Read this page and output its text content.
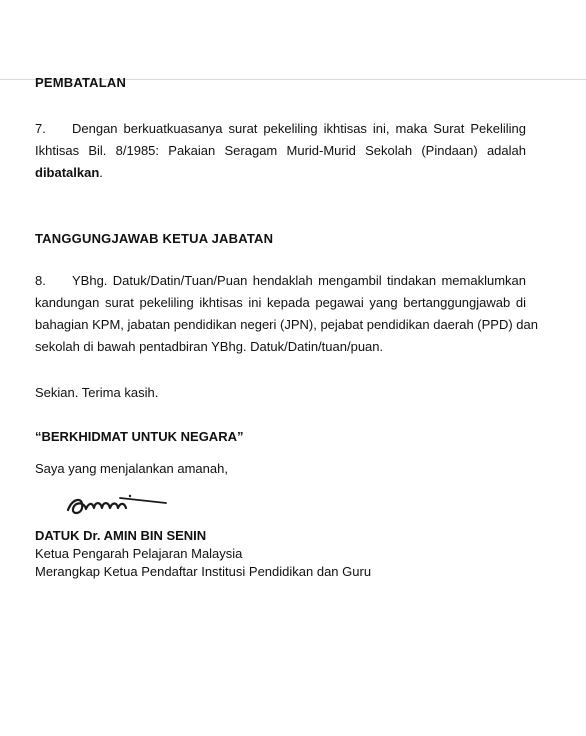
PEMBATALAN
7. Dengan berkuatkuasanya surat pekeliling ikhtisas ini, maka Surat Pekeliling
Ikhtisas Bil. 8/1985: Pakaian Seragam Murid-Murid Sekolah (Pindaan) adalah
dibatalkan.
TANGGUNGJAWAB KETUA JABATAN
8. YBhg. Datuk/Datin/Tuan/Puan hendaklah mengambil tindakan memaklumkan
kandungan surat pekeliling ikhtisas ini kepada pegawai yang bertanggungjawab di
bahagian KPM, jabatan pendidikan negeri (JPN), pejabat pendidikan daerah (PPD) dan
sekolah di bawah pentadbiran YBhg. Datuk/Datin/tuan/puan.
Sekian. Terima kasih.
“BERKHIDMAT UNTUK NEGARA”
Saya yang menjalankan amanah,
DATUK Dr. AMIN BIN SENIN
Ketua Pengarah Pelajaran Malaysia
Merangkap Ketua Pendaftar Institusi Pendidikan dan Guru
